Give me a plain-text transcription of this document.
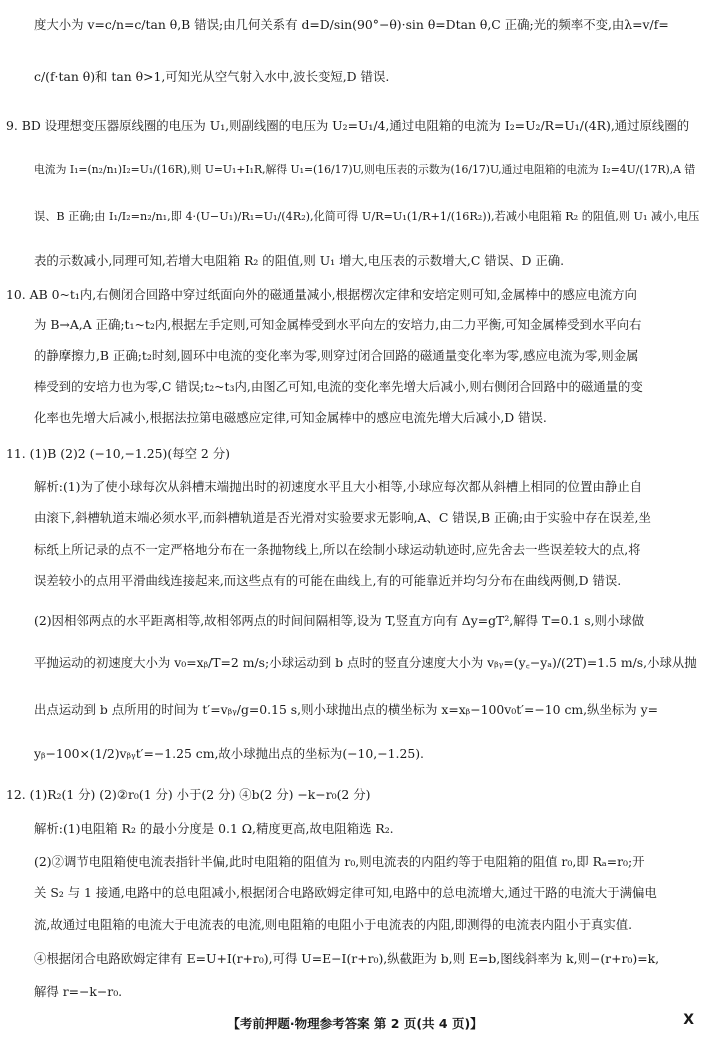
度大小为 v=c/n=c/tan θ,B 错误;由几何关系有 d=D/sin(90°−θ)·sin θ=Dtan θ,C 正确;光的频率不变,由λ=v/f=
c/(f·tan θ)和 tan θ>1,可知光从空气射入水中,波长变短,D 错误.
9. BD 设理想变压器原线圈的电压为 U₁,则副线圈的电压为 U₂=U₁/4,通过电阻箱的电流为 I₂=U₂/R=U₁/(4R),通过原线圈的
电流为 I₁=(n₂/n₁)I₂=U₁/(16R),则 U=U₁+I₁R,解得 U₁=(16/17)U,则电压表的示数为(16/17)U,通过电阻箱的电流为 I₂=4U/(17R),A 错
误、B 正确;由 I₁/I₂=n₂/n₁,即 4·(U−U₁)/R₁=U₁/(4R₂),化简可得 U/R=U₁(1/R+1/(16R₂)),若减小电阻箱 R₂ 的阻值,则 U₁ 减小,电压
表的示数减小,同理可知,若增大电阻箱 R₂ 的阻值,则 U₁ 增大,电压表的示数增大,C 错误、D 正确.
10. AB 0~t₁内,右侧闭合回路中穿过纸面向外的磁通量减小,根据楞次定律和安培定则可知,金属棒中的感应电流方向
为 B→A,A 正确;t₁~t₂内,根据左手定则,可知金属棒受到水平向左的安培力,由二力平衡,可知金属棒受到水平向右
的静摩擦力,B 正确;t₂时刻,圆环中电流的变化率为零,则穿过闭合回路的磁通量变化率为零,感应电流为零,则金属
棒受到的安培力也为零,C 错误;t₂~t₃内,由图乙可知,电流的变化率先增大后减小,则右侧闭合回路中的磁通量的变
化率也先增大后减小,根据法拉第电磁感应定律,可知金属棒中的感应电流先增大后减小,D 错误.
11. (1)B (2)2 (−10,−1.25)(每空 2 分)
解析:(1)为了使小球每次从斜槽末端抛出时的初速度水平且大小相等,小球应每次都从斜槽上相同的位置由静止自
由滚下,斜槽轨道末端必须水平,而斜槽轨道是否光滑对实验要求无影响,A、C 错误,B 正确;由于实验中存在误差,坐
标纸上所记录的点不一定严格地分布在一条抛物线上,所以在绘制小球运动轨迹时,应先舍去一些误差较大的点,将
误差较小的点用平滑曲线连接起来,而这些点有的可能在曲线上,有的可能靠近并均匀分布在曲线两侧,D 错误.
(2)因相邻两点的水平距离相等,故相邻两点的时间间隔相等,设为 T,竖直方向有 Δy=gT²,解得 T=0.1 s,则小球做
平抛运动的初速度大小为 v₀=xᵦ/T=2 m/s;小球运动到 b 点时的竖直分速度大小为 vᵦᵧ=(y꜀−yₐ)/(2T)=1.5 m/s,小球从抛
出点运动到 b 点所用的时间为 t′=vᵦᵧ/g=0.15 s,则小球抛出点的横坐标为 x=xᵦ−100v₀t′=−10 cm,纵坐标为 y=
yᵦ−100×(1/2)vᵦᵧt′=−1.25 cm,故小球抛出点的坐标为(−10,−1.25).
12. (1)R₂(1 分) (2)②r₀(1 分) 小于(2 分) ④b(2 分) −k−r₀(2 分)
解析:(1)电阻箱 R₂ 的最小分度是 0.1 Ω,精度更高,故电阻箱选 R₂.
(2)②调节电阻箱使电流表指针半偏,此时电阻箱的阻值为 r₀,则电流表的内阻约等于电阻箱的阻值 r₀,即 Rₐ=r₀;开
关 S₂ 与 1 接通,电路中的总电阻减小,根据闭合电路欧姆定律可知,电路中的总电流增大,通过干路的电流大于满偏电
流,故通过电阻箱的电流大于电流表的电流,则电阻箱的电阻小于电流表的内阻,即测得的电流表内阻小于真实值.
④根据闭合电路欧姆定律有 E=U+I(r+r₀),可得 U=E−I(r+r₀),纵截距为 b,则 E=b,图线斜率为 k,则−(r+r₀)=k,
解得 r=−k−r₀.
【考前押题·物理参考答案 第 2 页(共 4 页)】	X
